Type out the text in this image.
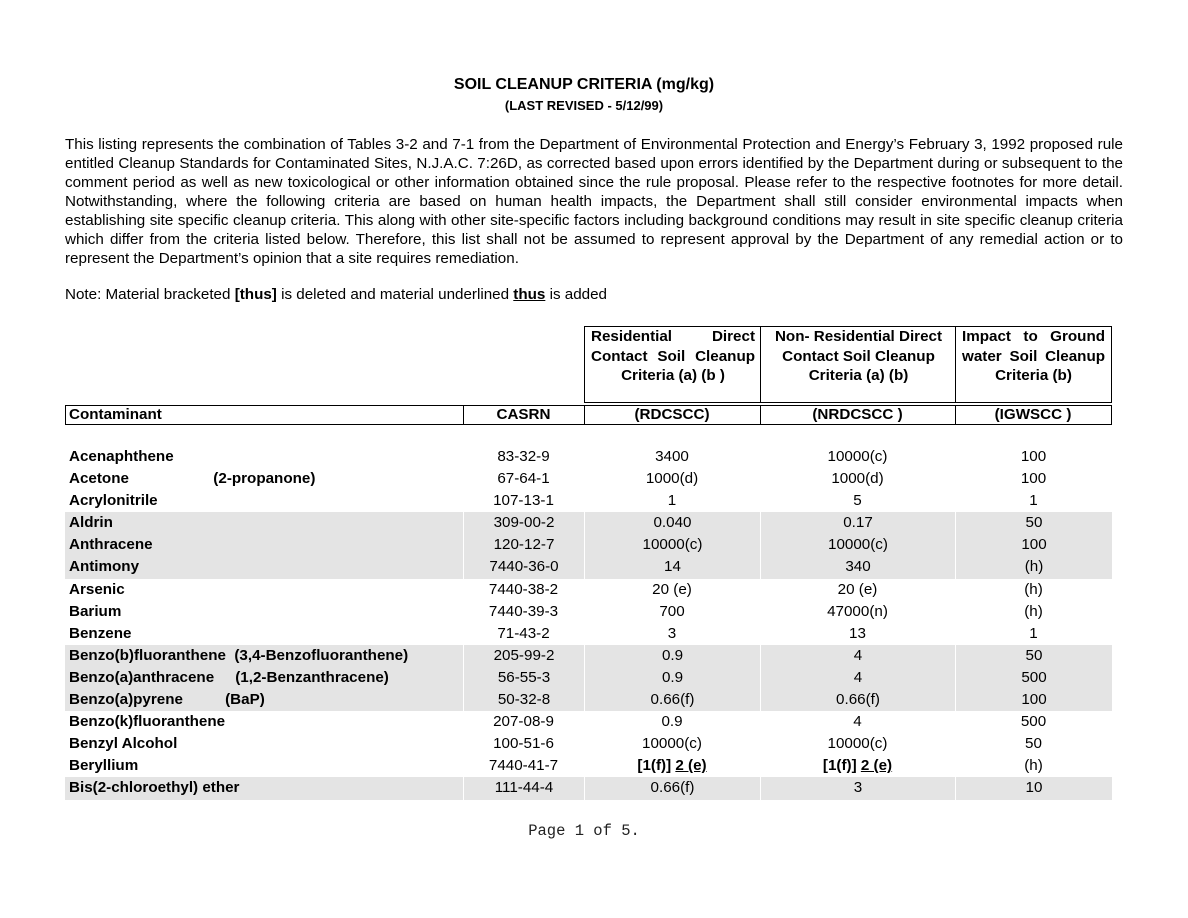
SOIL CLEANUP CRITERIA (mg/kg)
(LAST REVISED - 5/12/99)
This listing represents the combination of Tables 3-2 and 7-1 from the Department of Environmental Protection and Energy’s February 3, 1992 proposed rule entitled Cleanup Standards for Contaminated Sites, N.J.A.C. 7:26D, as corrected based upon errors identified by the Department during or subsequent to the comment period as well as new toxicological or other information obtained since the rule proposal. Please refer to the respective footnotes for more detail. Notwithstanding, where the following criteria are based on human health impacts, the Department shall still consider environmental impacts when establishing site specific cleanup criteria. This along with other site-specific factors including background conditions may result in site specific cleanup criteria which differ from the criteria listed below. Therefore, this list shall not be assumed to represent approval by the Department of any remedial action or to represent the Department’s opinion that a site requires remediation.
Note: Material bracketed [thus] is deleted and material underlined thus is added
Residential Direct Contact Soil Cleanup Criteria (a) (b )
Non- Residential Direct Contact Soil Cleanup Criteria (a) (b)
Impact to Ground water Soil Cleanup Criteria (b)
Contaminant	CASRN	(RDCSCC)	(NRDCSCC )	(IGWSCC )
Acenaphthene	83-32-9	3400	10000(c)	100
Acetone                    (2-propanone)	67-64-1	1000(d)	1000(d)	100
Acrylonitrile	107-13-1	1	5	1
Aldrin	309-00-2	0.040	0.17	50
Anthracene	120-12-7	10000(c)	10000(c)	100
Antimony	7440-36-0	14	340	(h)
Arsenic	7440-38-2	20 (e)	20 (e)	(h)
Barium	7440-39-3	700	47000(n)	(h)
Benzene	71-43-2	3	13	1
Benzo(b)fluoranthene  (3,4-Benzofluoranthene)	205-99-2	0.9	4	50
Benzo(a)anthracene     (1,2-Benzanthracene)	56-55-3	0.9	4	500
Benzo(a)pyrene          (BaP)	50-32-8	0.66(f)	0.66(f)	100
Benzo(k)fluoranthene	207-08-9	0.9	4	500
Benzyl Alcohol	100-51-6	10000(c)	10000(c)	50
Beryllium	7440-41-7	[1(f)] 2 (e)	[1(f)] 2 (e)	(h)
Bis(2-chloroethyl) ether	111-44-4	0.66(f)	3	10
Page 1 of 5.
